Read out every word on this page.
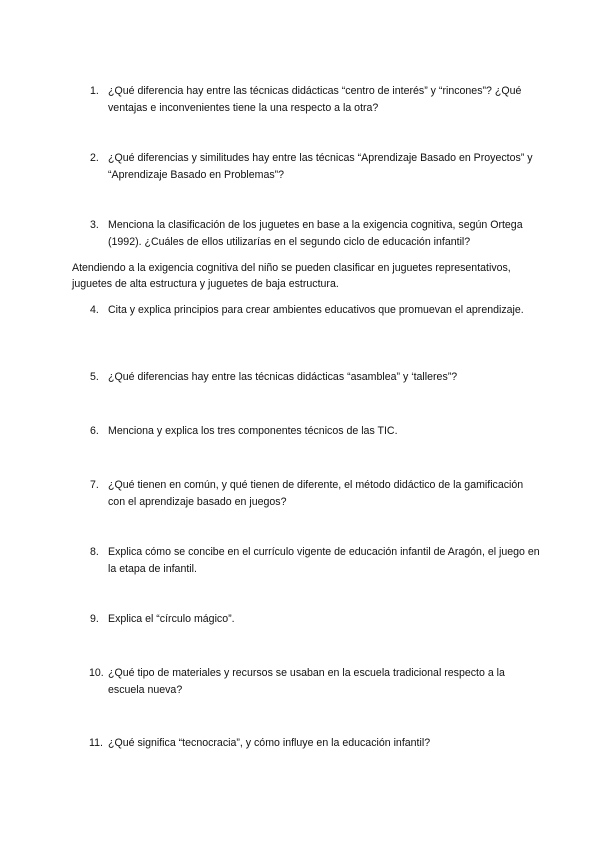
1. ¿Qué diferencia hay entre las técnicas didácticas “centro de interés” y “rincones”? ¿Qué ventajas e inconvenientes tiene la una respecto a la otra?
2. ¿Qué diferencias y similitudes hay entre las técnicas “Aprendizaje Basado en Proyectos” y “Aprendizaje Basado en Problemas”?
3. Menciona la clasificación de los juguetes en base a la exigencia cognitiva, según Ortega (1992). ¿Cuáles de ellos utilizarías en el segundo ciclo de educación infantil?
Atendiendo a la exigencia cognitiva del niño se pueden clasificar en juguetes representativos, juguetes de alta estructura y juguetes de baja estructura.
4. Cita y explica principios para crear ambientes educativos que promuevan el aprendizaje.
5. ¿Qué diferencias hay entre las técnicas didácticas “asamblea” y ‘talleres”?
6. Menciona y explica los tres componentes técnicos de las TIC.
7. ¿Qué tienen en común, y qué tienen de diferente, el método didáctico de la gamificación con el aprendizaje basado en juegos?
8. Explica cómo se concibe en el currículo vigente de educación infantil de Aragón, el juego en la etapa de infantil.
9. Explica el “círculo mágico”.
10. ¿Qué tipo de materiales y recursos se usaban en la escuela tradicional respecto a la escuela nueva?
11. ¿Qué significa “tecnocracia”, y cómo influye en la educación infantil?
